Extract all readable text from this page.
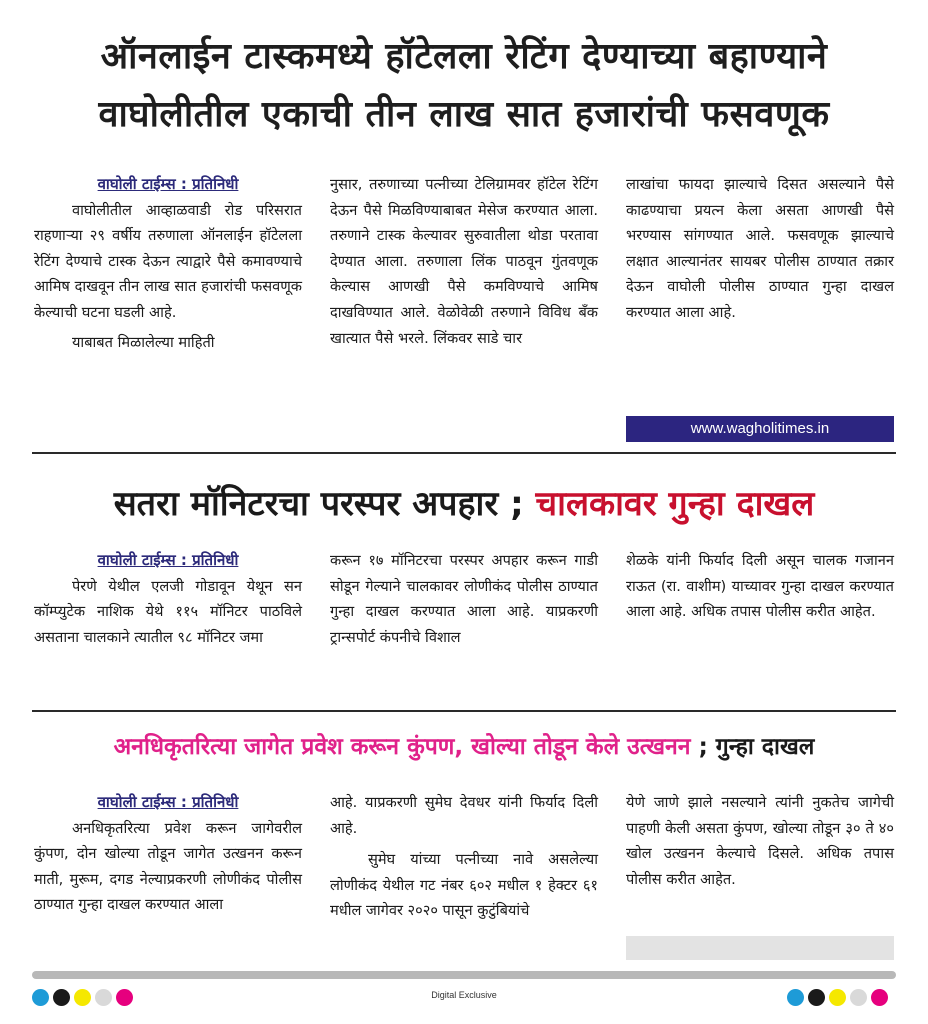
ऑनलाईन टास्कमध्ये हॉटेलला रेटिंग देण्याच्या बहाण्याने
वाघोलीतील एकाची तीन लाख सात हजारांची फसवणूक
वाघोली टाईम्स : प्रतिनिधी

वाघोलीतील आव्हाळवाडी रोड परिसरात राहणाऱ्या २९ वर्षीय तरुणाला ऑनलाईन हॉटेलला रेटिंग देण्याचे टास्क देऊन त्याद्वारे पैसे कमावण्याचे आमिष दाखवून तीन लाख सात हजारांची फसवणूक केल्याची घटना घडली आहे.

याबाबत मिळालेल्या माहिती

नुसार, तरुणाच्या पत्नीच्या टेलिग्रामवर हॉटेल रेटिंग देऊन पैसे मिळविण्याबाबत मेसेज करण्यात आला. तरुणाने टास्क केल्यावर सुरुवातीला थोडा परतावा देण्यात आला. तरुणाला लिंक पाठवून गुंतवणूक केल्यास आणखी पैसे कमविण्याचे आमिष दाखविण्यात आले. वेळोवेळी तरुणाने विविध बँक खात्यात पैसे भरले. लिंकवर साडे चार

लाखांचा फायदा झाल्याचे दिसत असल्याने पैसे काढण्याचा प्रयत्न केला असता आणखी पैसे भरण्यास सांगण्यात आले. फसवणूक झाल्याचे लक्षात आल्यानंतर सायबर पोलीस ठाण्यात तक्रार देऊन वाघोली पोलीस ठाण्यात गुन्हा दाखल करण्यात आला आहे.

www.wagholitimes.in
सतरा मॉनिटरचा परस्पर अपहार ; चालकावर गुन्हा दाखल
वाघोली टाईम्स : प्रतिनिधी

पेरणे येथील एलजी गोडावून येथून सन कॉम्प्युटेक नाशिक येथे ११५ मॉनिटर पाठविले असताना चालकाने त्यातील ९८ मॉनिटर जमा

करून १७ मॉनिटरचा परस्पर अपहार करून गाडी सोडून गेल्याने चालकावर लोणीकंद पोलीस ठाण्यात गुन्हा दाखल करण्यात आला आहे. याप्रकरणी ट्रान्सपोर्ट कंपनीचे विशाल

शेळके यांनी फिर्याद दिली असून चालक गजानन राऊत (रा. वाशीम) याच्यावर गुन्हा दाखल करण्यात आला आहे. अधिक तपास पोलीस करीत आहेत.

अनधिकृतरित्या जागेत प्रवेश करून कुंपण, खोल्या तोडून केले उत्खनन ; गुन्हा दाखल
वाघोली टाईम्स : प्रतिनिधी

अनधिकृतरित्या प्रवेश करून जागेवरील कुंपण, दोन खोल्या तोडून जागेत उत्खनन करून माती, मुरूम, दगड नेल्याप्रकरणी लोणीकंद पोलीस ठाण्यात गुन्हा दाखल करण्यात आला

आहे. याप्रकरणी सुमेघ देवधर यांनी फिर्याद दिली आहे.

सुमेघ यांच्या पत्नीच्या नावे असलेल्या लोणीकंद येथील गट नंबर ६०२ मधील १ हेक्टर ६१ मधील जागेवर २०२० पासून कुटुंबियांचे

येणे जाणे झाले नसल्याने त्यांनी नुकतेच जागेची पाहणी केली असता कुंपण, खोल्या तोडून ३० ते ४० खोल उत्खनन केल्याचे दिसले. अधिक तपास पोलीस करीत आहेत.

Digital Exclusive
